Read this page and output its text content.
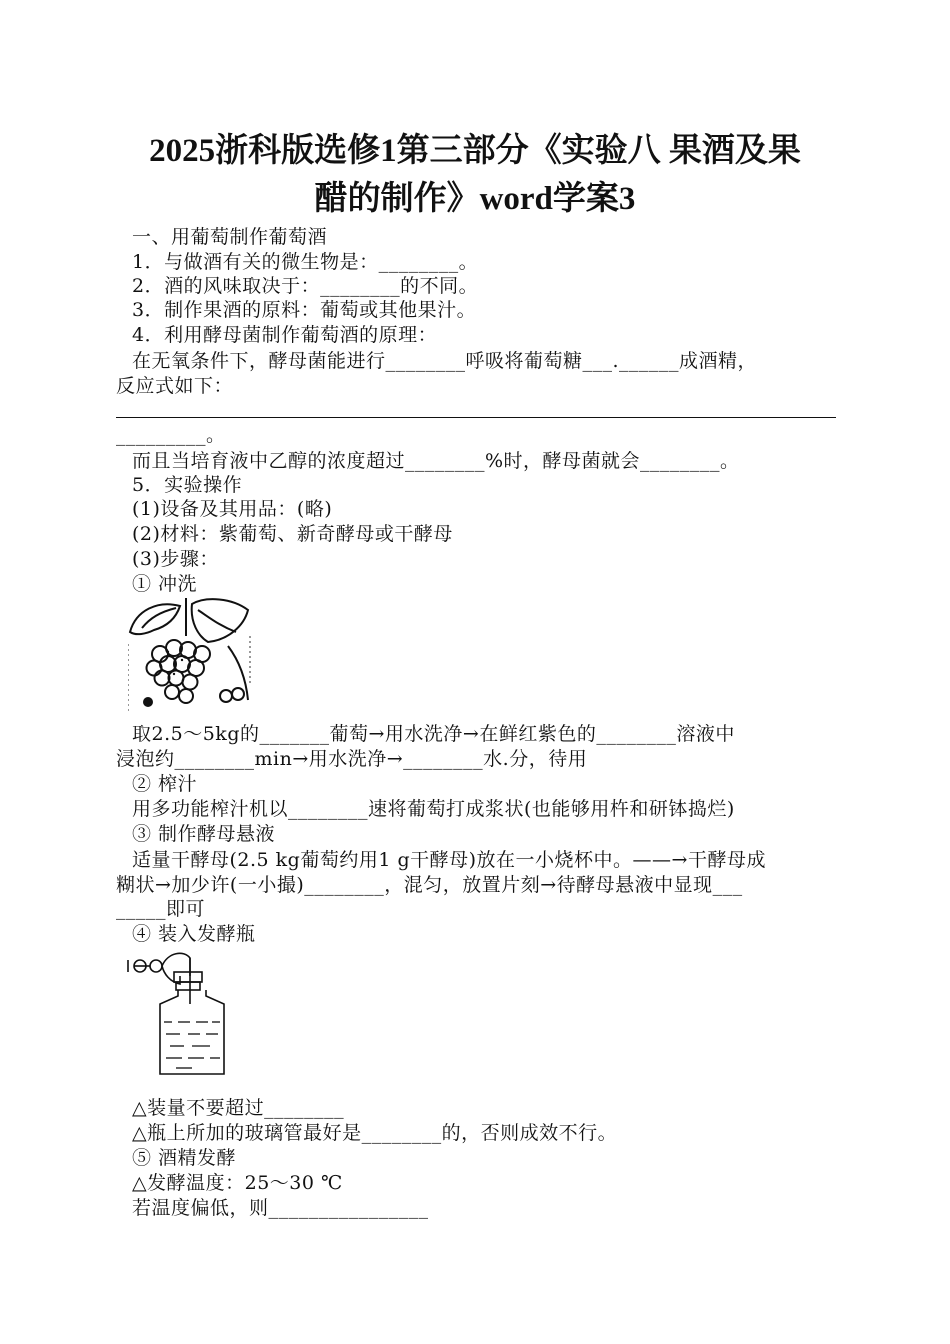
2025浙科版选修1第三部分《实验八 果酒及果
醋的制作》word学案3
一、用葡萄制作葡萄酒
1．与做酒有关的微生物是：________。
2．酒的风味取决于：________的不同。
3．制作果酒的原料：葡萄或其他果汁。
4．利用酵母菌制作葡萄酒的原理：
在无氧条件下，酵母菌能进行________呼吸将葡萄糖___.______成酒精，
反应式如下：
_________。
而且当培育液中乙醇的浓度超过________%时，酵母菌就会________。
5．实验操作
(1)设备及其用品：(略)
(2)材料：紫葡萄、新奇酵母或干酵母
(3)步骤：
① 冲洗
取2.5～5kg的_______葡萄→用水洗净→在鲜红紫色的________溶液中
浸泡约________min→用水洗净→________水.分，待用
② 榨汁
用多功能榨汁机以________速将葡萄打成浆状(也能够用杵和研钵捣烂)
③ 制作酵母悬液
适量干酵母(2.5 kg葡萄约用1 g干酵母)放在一小烧杯中。——→干酵母成
糊状→加少许(一小撮)________，混匀，放置片刻→待酵母悬液中显现___
_____即可
④ 装入发酵瓶
△装量不要超过________
△瓶上所加的玻璃管最好是________的，否则成效不行。
⑤ 酒精发酵
△发酵温度：25～30 ℃
若温度偏低，则________________
